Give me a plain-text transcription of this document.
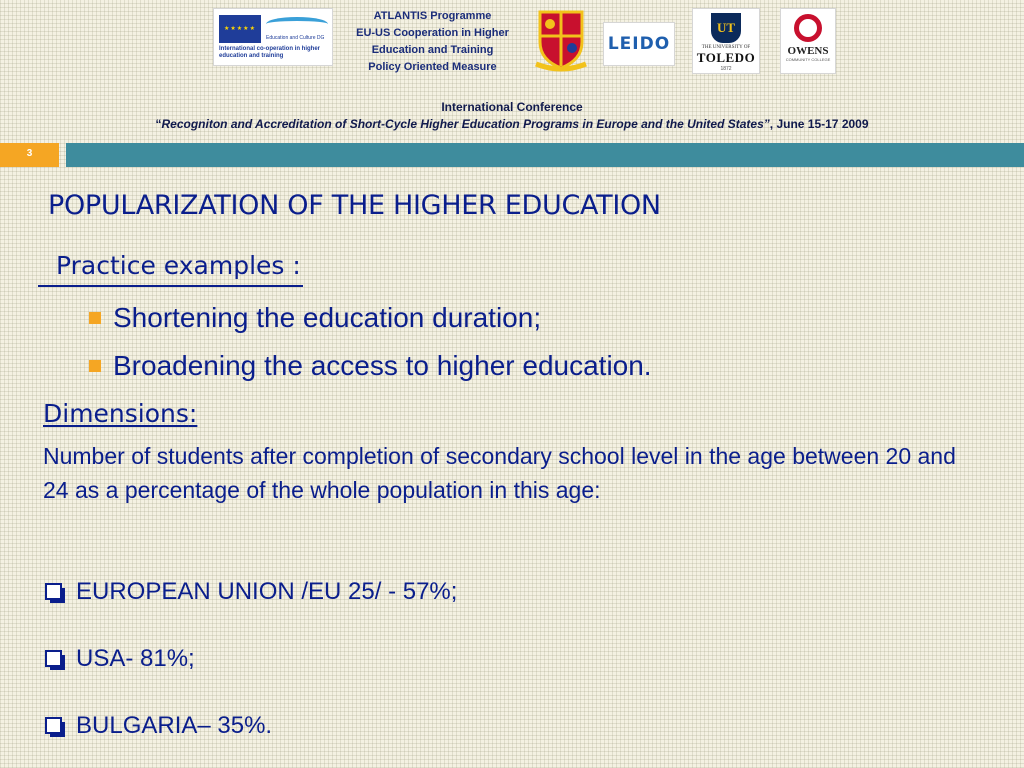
★★★★★
Education and Culture DG
International co-operation in higher education and training
ATLANTIS Programme
EU-US Cooperation in Higher
Education and Training
Policy Oriented Measure
LEIDO
UT
THE UNIVERSITY OF
TOLEDO
1872
OWENS
COMMUNITY COLLEGE
International Conference
“Recogniton and Accreditation of Short-Cycle Higher Education Programs in Europe and the United States”, June 15-17 2009
3
POPULARIZATION OF THE HIGHER EDUCATION
Practice examples :
Shortening the education duration;
Broadening the access to higher education.
Dimensions:
Number of students after completion of secondary school level in the age between 20 and 24 as a percentage of the whole population in this age:
EUROPEAN UNION /EU 25/ - 57%;
USA- 81%;
BULGARIA– 35%.
